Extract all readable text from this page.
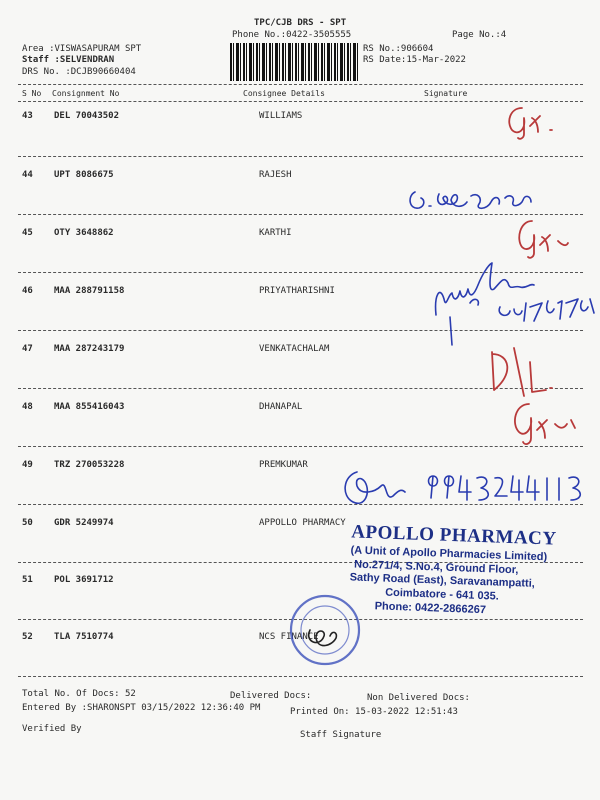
TPC/CJB DRS - SPT
Phone No.:0422-3505555	Page No.:4
Area :VISWASAPURAM SPT
Staff :SELVENDRAN
DRS No. :DCJB90660404
RS No.:906604
RS Date:15-Mar-2022
S No Consignment No	Consignee Details	Signature
43 DEL 70043502	WILLIAMS
44 UPT 8086675	RAJESH
45 OTY 3648862	KARTHI
46 MAA 288791158	PRIYATHARISHNI
47 MAA 287243179	VENKATACHALAM
48 MAA 855416043	DHANAPAL
49 TRZ 270053228	PREMKUMAR
50 GDR 5249974	APPOLLO PHARMACY
51 POL 3691712
52 TLA 7510774	NCS FINANCE
APOLLO PHARMACY
(A Unit of Apollo Pharmacies Limited)
No.271/4, S.No.4, Ground Floor,
Sathy Road (East), Saravanampatti,
Coimbatore - 641 035.
Phone: 0422-2866267
Total No. Of Docs: 52	Delivered Docs:	Non Delivered Docs:
Entered By :SHARONSPT 03/15/2022 12:36:40 PM	Printed On: 15-03-2022 12:51:43
Verified By
Staff Signature
